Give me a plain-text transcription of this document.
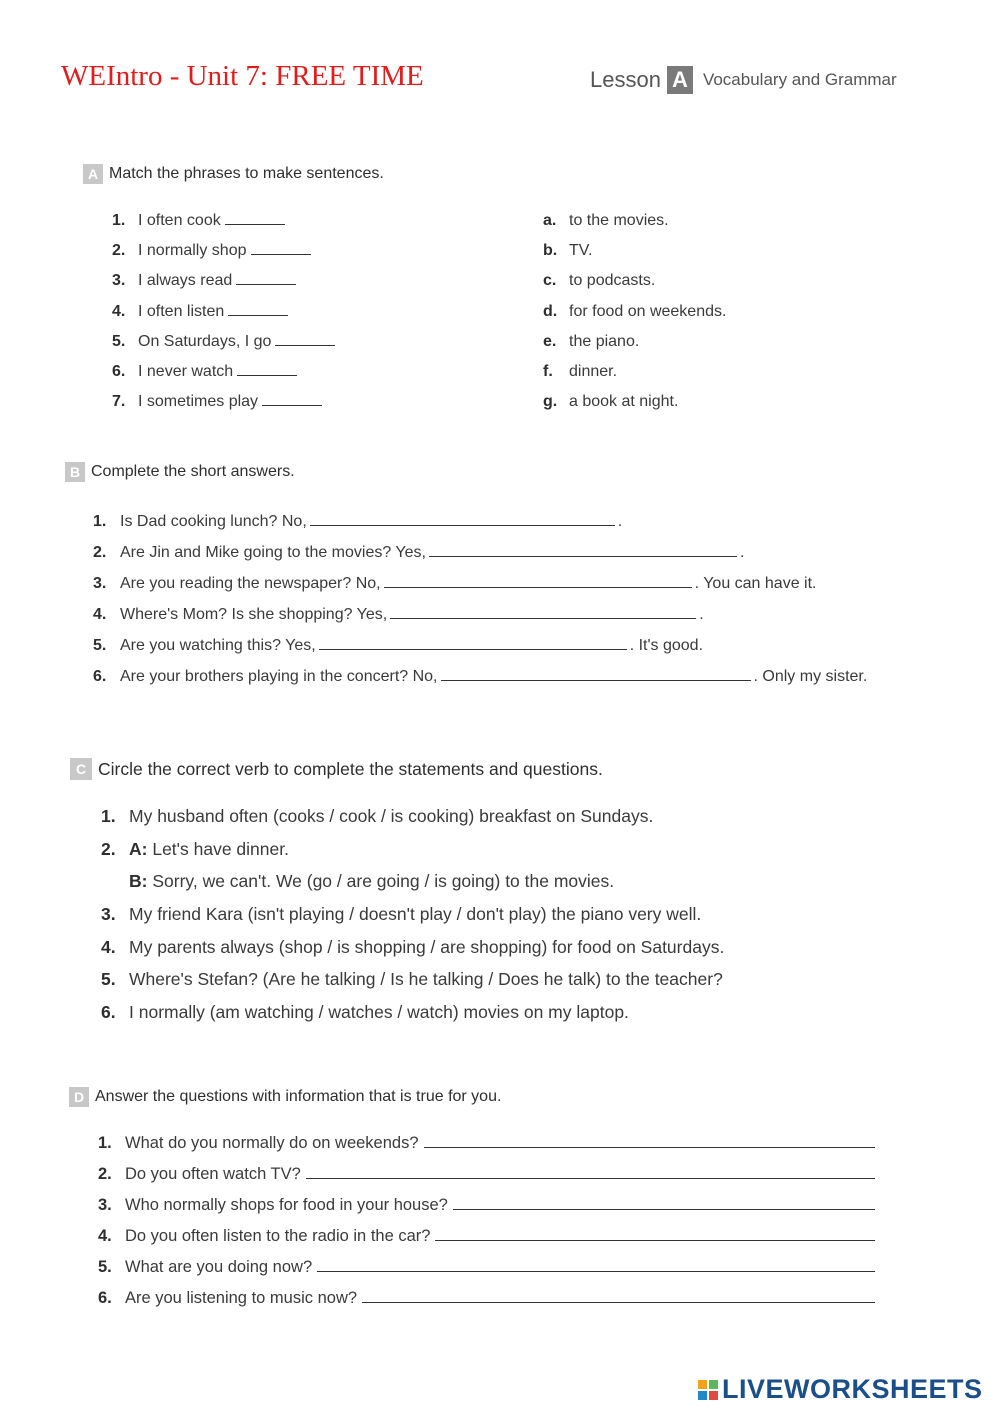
WEIntro - Unit 7: FREE TIME	Lesson A Vocabulary and Grammar
A Match the phrases to make sentences.
1. I often cook
2. I normally shop
3. I always read
4. I often listen
5. On Saturdays, I go
6. I never watch
7. I sometimes play
a. to the movies.
b. TV.
c. to podcasts.
d. for food on weekends.
e. the piano.
f. dinner.
g. a book at night.
B Complete the short answers.
1. Is Dad cooking lunch? No,	.
2. Are Jin and Mike going to the movies? Yes,	.
3. Are you reading the newspaper? No,	. You can have it.
4. Where's Mom? Is she shopping? Yes,	.
5. Are you watching this? Yes,	. It's good.
6. Are your brothers playing in the concert? No,	. Only my sister.
C Circle the correct verb to complete the statements and questions.
1. My husband often (cooks / cook / is cooking) breakfast on Sundays.
2. A: Let's have dinner.
B: Sorry, we can't. We (go / are going / is going) to the movies.
3. My friend Kara (isn't playing / doesn't play / don't play) the piano very well.
4. My parents always (shop / is shopping / are shopping) for food on Saturdays.
5. Where's Stefan? (Are he talking / Is he talking / Does he talk) to the teacher?
6. I normally (am watching / watches / watch) movies on my laptop.
D Answer the questions with information that is true for you.
1. What do you normally do on weekends?
2. Do you often watch TV?
3. Who normally shops for food in your house?
4. Do you often listen to the radio in the car?
5. What are you doing now?
6. Are you listening to music now?
LIVEWORKSHEETS
